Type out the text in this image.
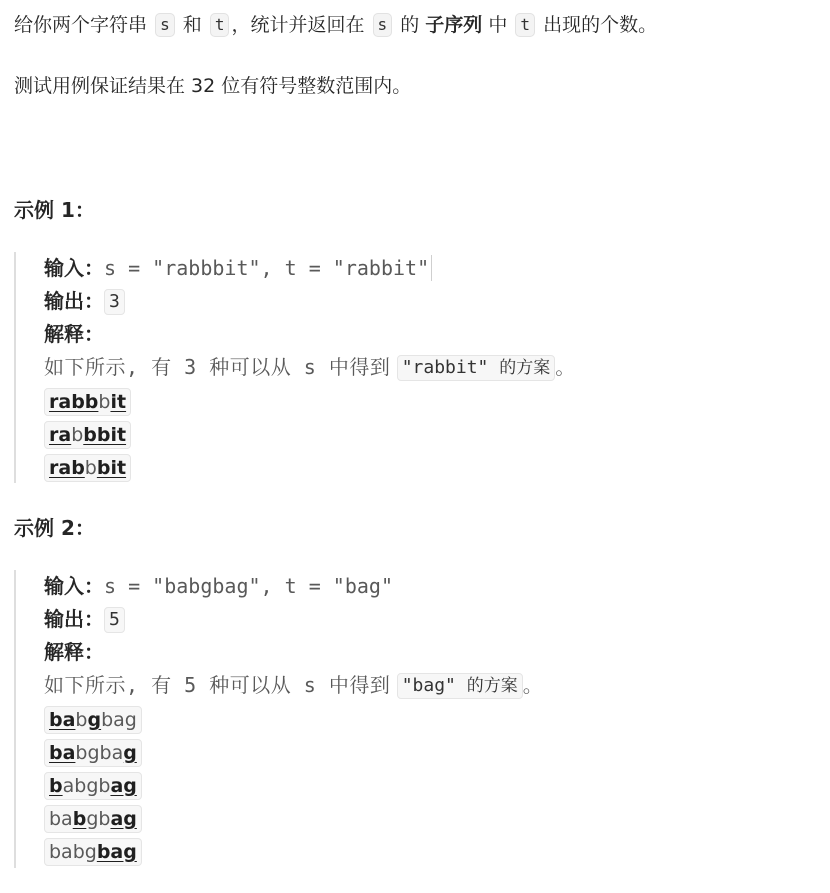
给你两个字符串 s 和 t ，统计并返回在 s 的 子序列 中 t 出现的个数。
测试用例保证结果在 32 位有符号整数范围内。
示例 1：
输入：s = "rabbbit", t = "rabbit"
输出： 3
解释：
如下所示, 有 3 种可以从 s 中得到 "rabbit" 的方案 。
rabbbit
rabbbit
rabbbit
示例 2：
输入：s = "babgbag", t = "bag"
输出： 5
解释：
如下所示, 有 5 种可以从 s 中得到 "bag" 的方案 。
babgbag
babgbag
babgbag
babgbag
babgbag
